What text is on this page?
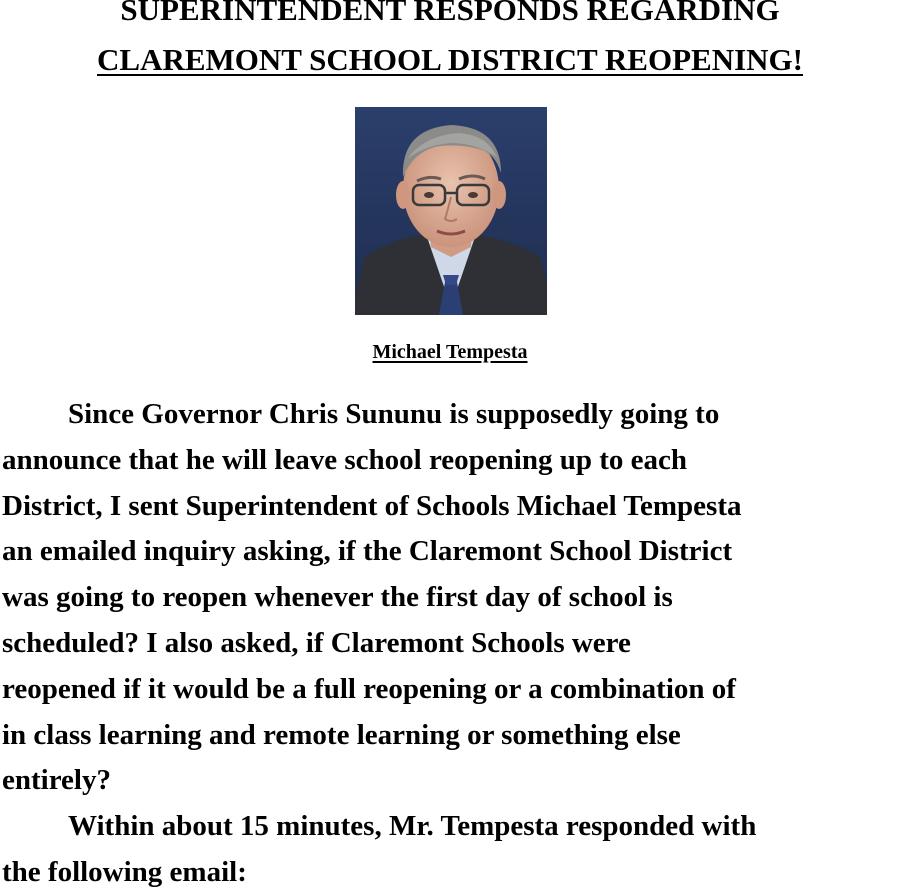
SUPERINTENDENT RESPONDS REGARDING
CLAREMONT SCHOOL DISTRICT REOPENING!
Michael Tempesta
Since Governor Chris Sununu is supposedly going to
announce that he will leave school reopening up to each
District, I sent Superintendent of Schools Michael Tempesta
an emailed inquiry asking, if the Claremont School District
was going to reopen whenever the first day of school is
scheduled? I also asked, if Claremont Schools were
reopened if it would be a full reopening or a combination of
in class learning and remote learning or something else
entirely?
Within about 15 minutes, Mr. Tempesta responded with
the following email:
